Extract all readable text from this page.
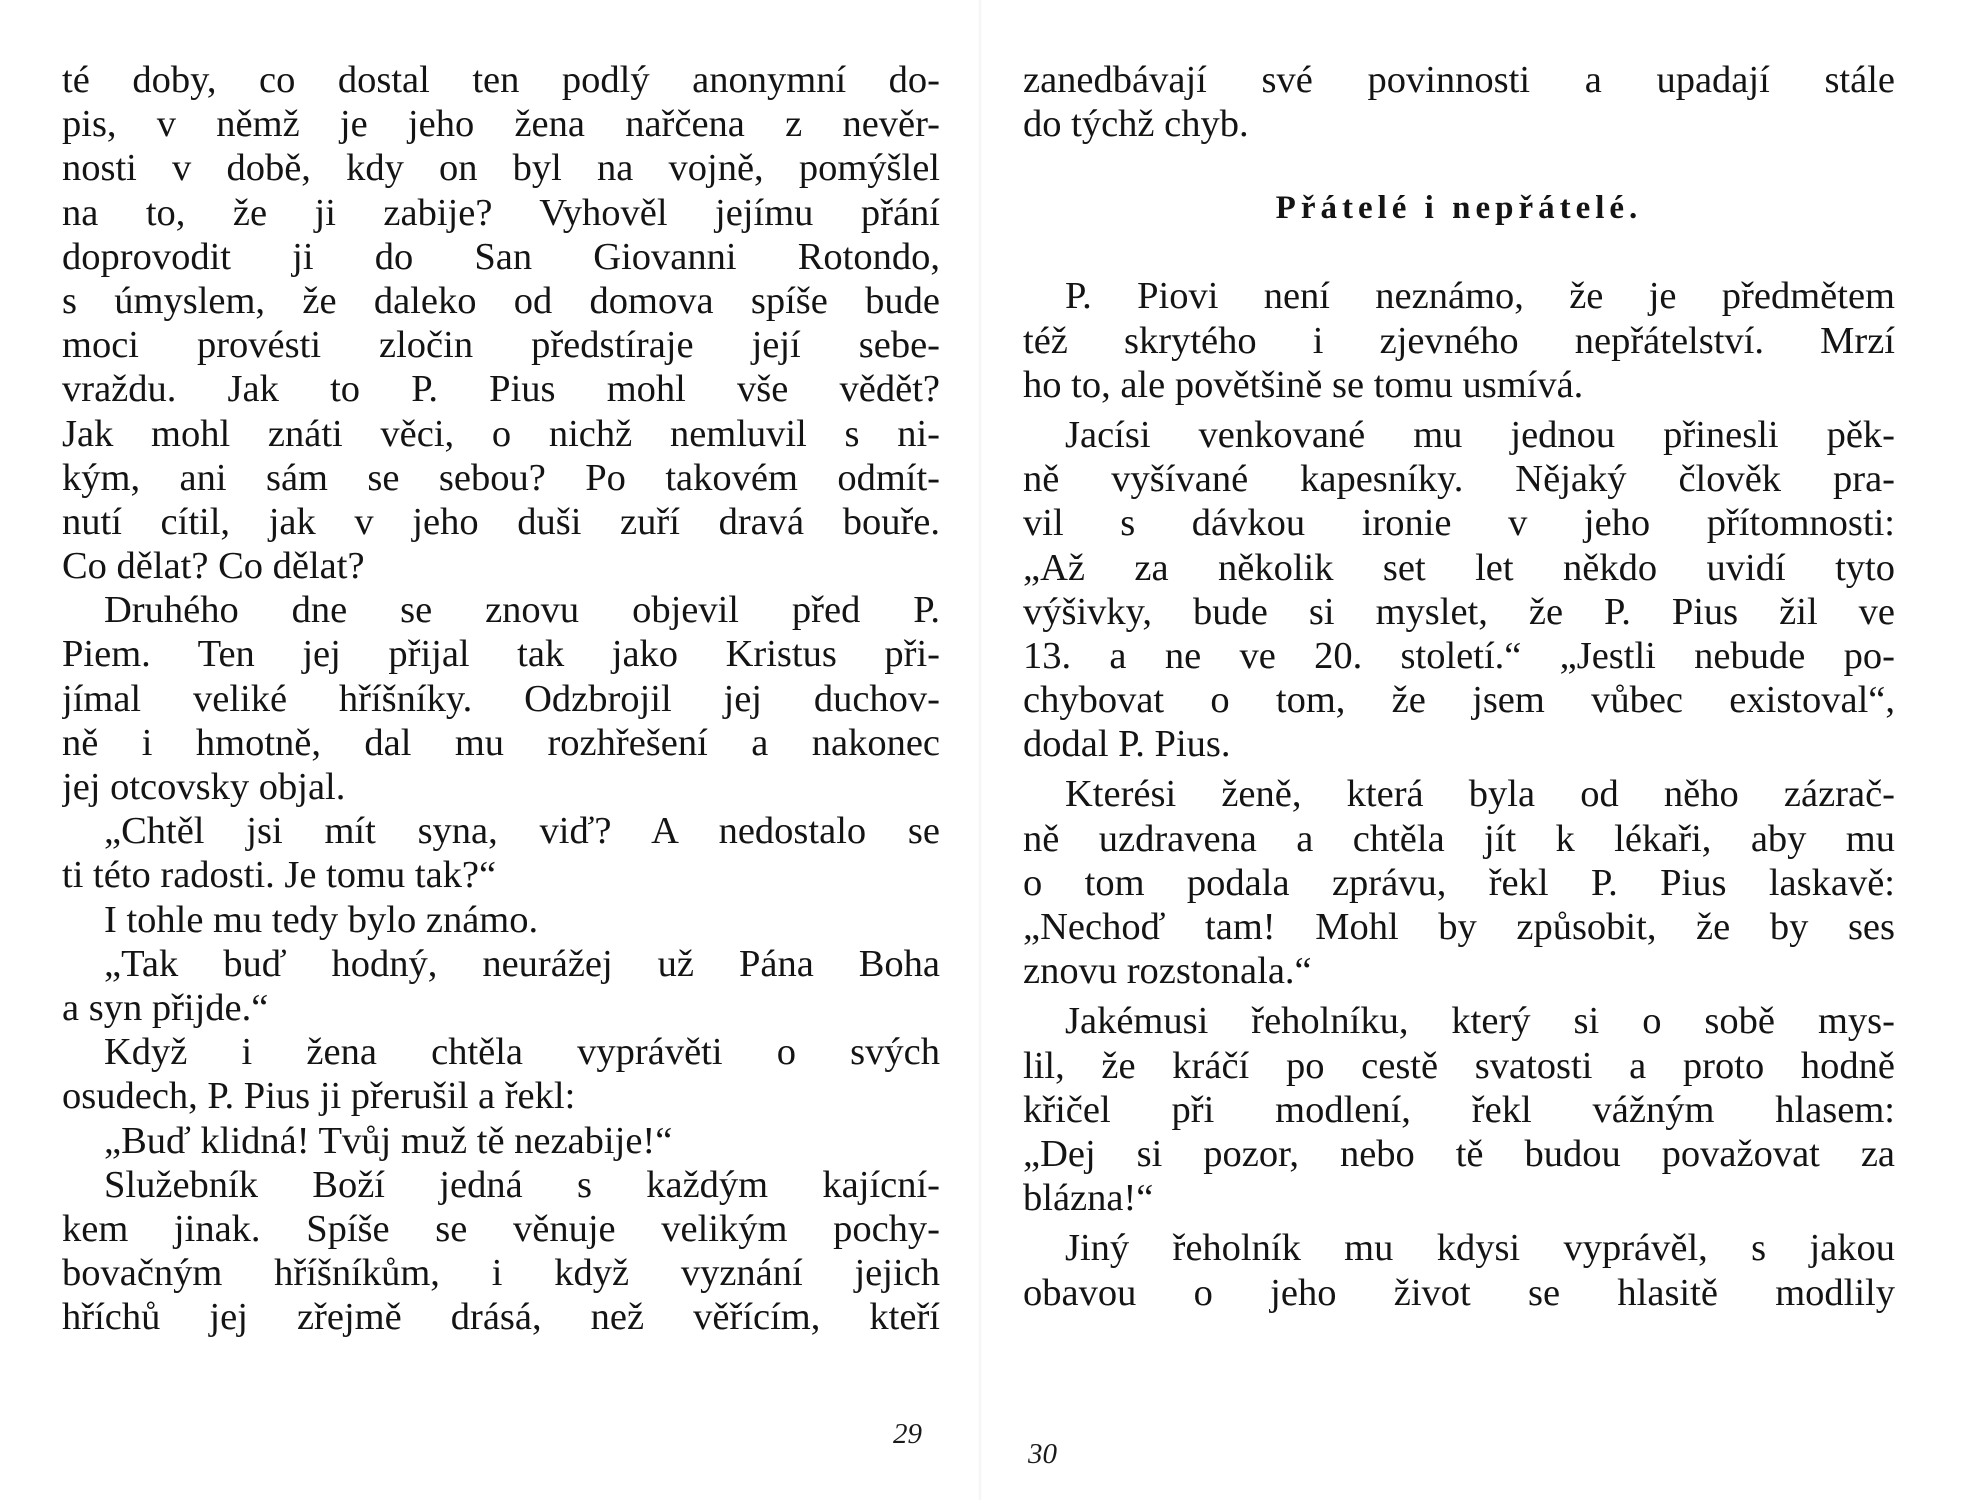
té doby, co dostal ten podlý anonymní do-
pis, v němž je jeho žena nařčena z nevěr-
nosti v době, kdy on byl na vojně, pomýšlel
na to, že ji zabije? Vyhověl jejímu přání
doprovodit ji do San Giovanni Rotondo,
s úmyslem, že daleko od domova spíše bude
moci provésti zločin předstíraje její sebe-
vraždu. Jak to P. Pius mohl vše vědět?
Jak mohl znáti věci, o nichž nemluvil s ni-
kým, ani sám se sebou? Po takovém odmít-
nutí cítil, jak v jeho duši zuří dravá bouře.
Co dělat? Co dělat?
Druhého dne se znovu objevil před P.
Piem. Ten jej přijal tak jako Kristus při-
jímal veliké hříšníky. Odzbrojil jej duchov-
ně i hmotně, dal mu rozhřešení a nakonec
jej otcovsky objal.
„Chtěl jsi mít syna, viď? A nedostalo se
ti této radosti. Je tomu tak?“
I tohle mu tedy bylo známo.
„Tak buď hodný, neurážej už Pána Boha
a syn přijde.“
Když i žena chtěla vyprávěti o svých
osudech, P. Pius ji přerušil a řekl:
„Buď klidná! Tvůj muž tě nezabije!“
Služebník Boží jedná s každým kajícní-
kem jinak. Spíše se věnuje velikým pochy-
bovačným hříšníkům, i když vyznání jejich
hříchů jej zřejmě drásá, než věřícím, kteří
29
zanedbávají své povinnosti a upadají stále
do týchž chyb.
Přátelé i nepřátelé.
P. Piovi není neznámo, že je předmětem
též skrytého i zjevného nepřátelství. Mrzí
ho to, ale povětšině se tomu usmívá.
Jacísi venkované mu jednou přinesli pěk-
ně vyšívané kapesníky. Nějaký člověk pra-
vil s dávkou ironie v jeho přítomnosti:
„Až za několik set let někdo uvidí tyto
výšivky, bude si myslet, že P. Pius žil ve
13. a ne ve 20. století.“ „Jestli nebude po-
chybovat o tom, že jsem vůbec existoval“,
dodal P. Pius.
Kterési ženě, která byla od něho zázrač-
ně uzdravena a chtěla jít k lékaři, aby mu
o tom podala zprávu, řekl P. Pius laskavě:
„Nechoď tam! Mohl by způsobit, že by ses
znovu rozstonala.“
Jakémusi řeholníku, který si o sobě mys-
lil, že kráčí po cestě svatosti a proto hodně
křičel při modlení, řekl vážným hlasem:
„Dej si pozor, nebo tě budou považovat za
blázna!“
Jiný řeholník mu kdysi vyprávěl, s jakou
obavou o jeho život se hlasitě modlily
30
